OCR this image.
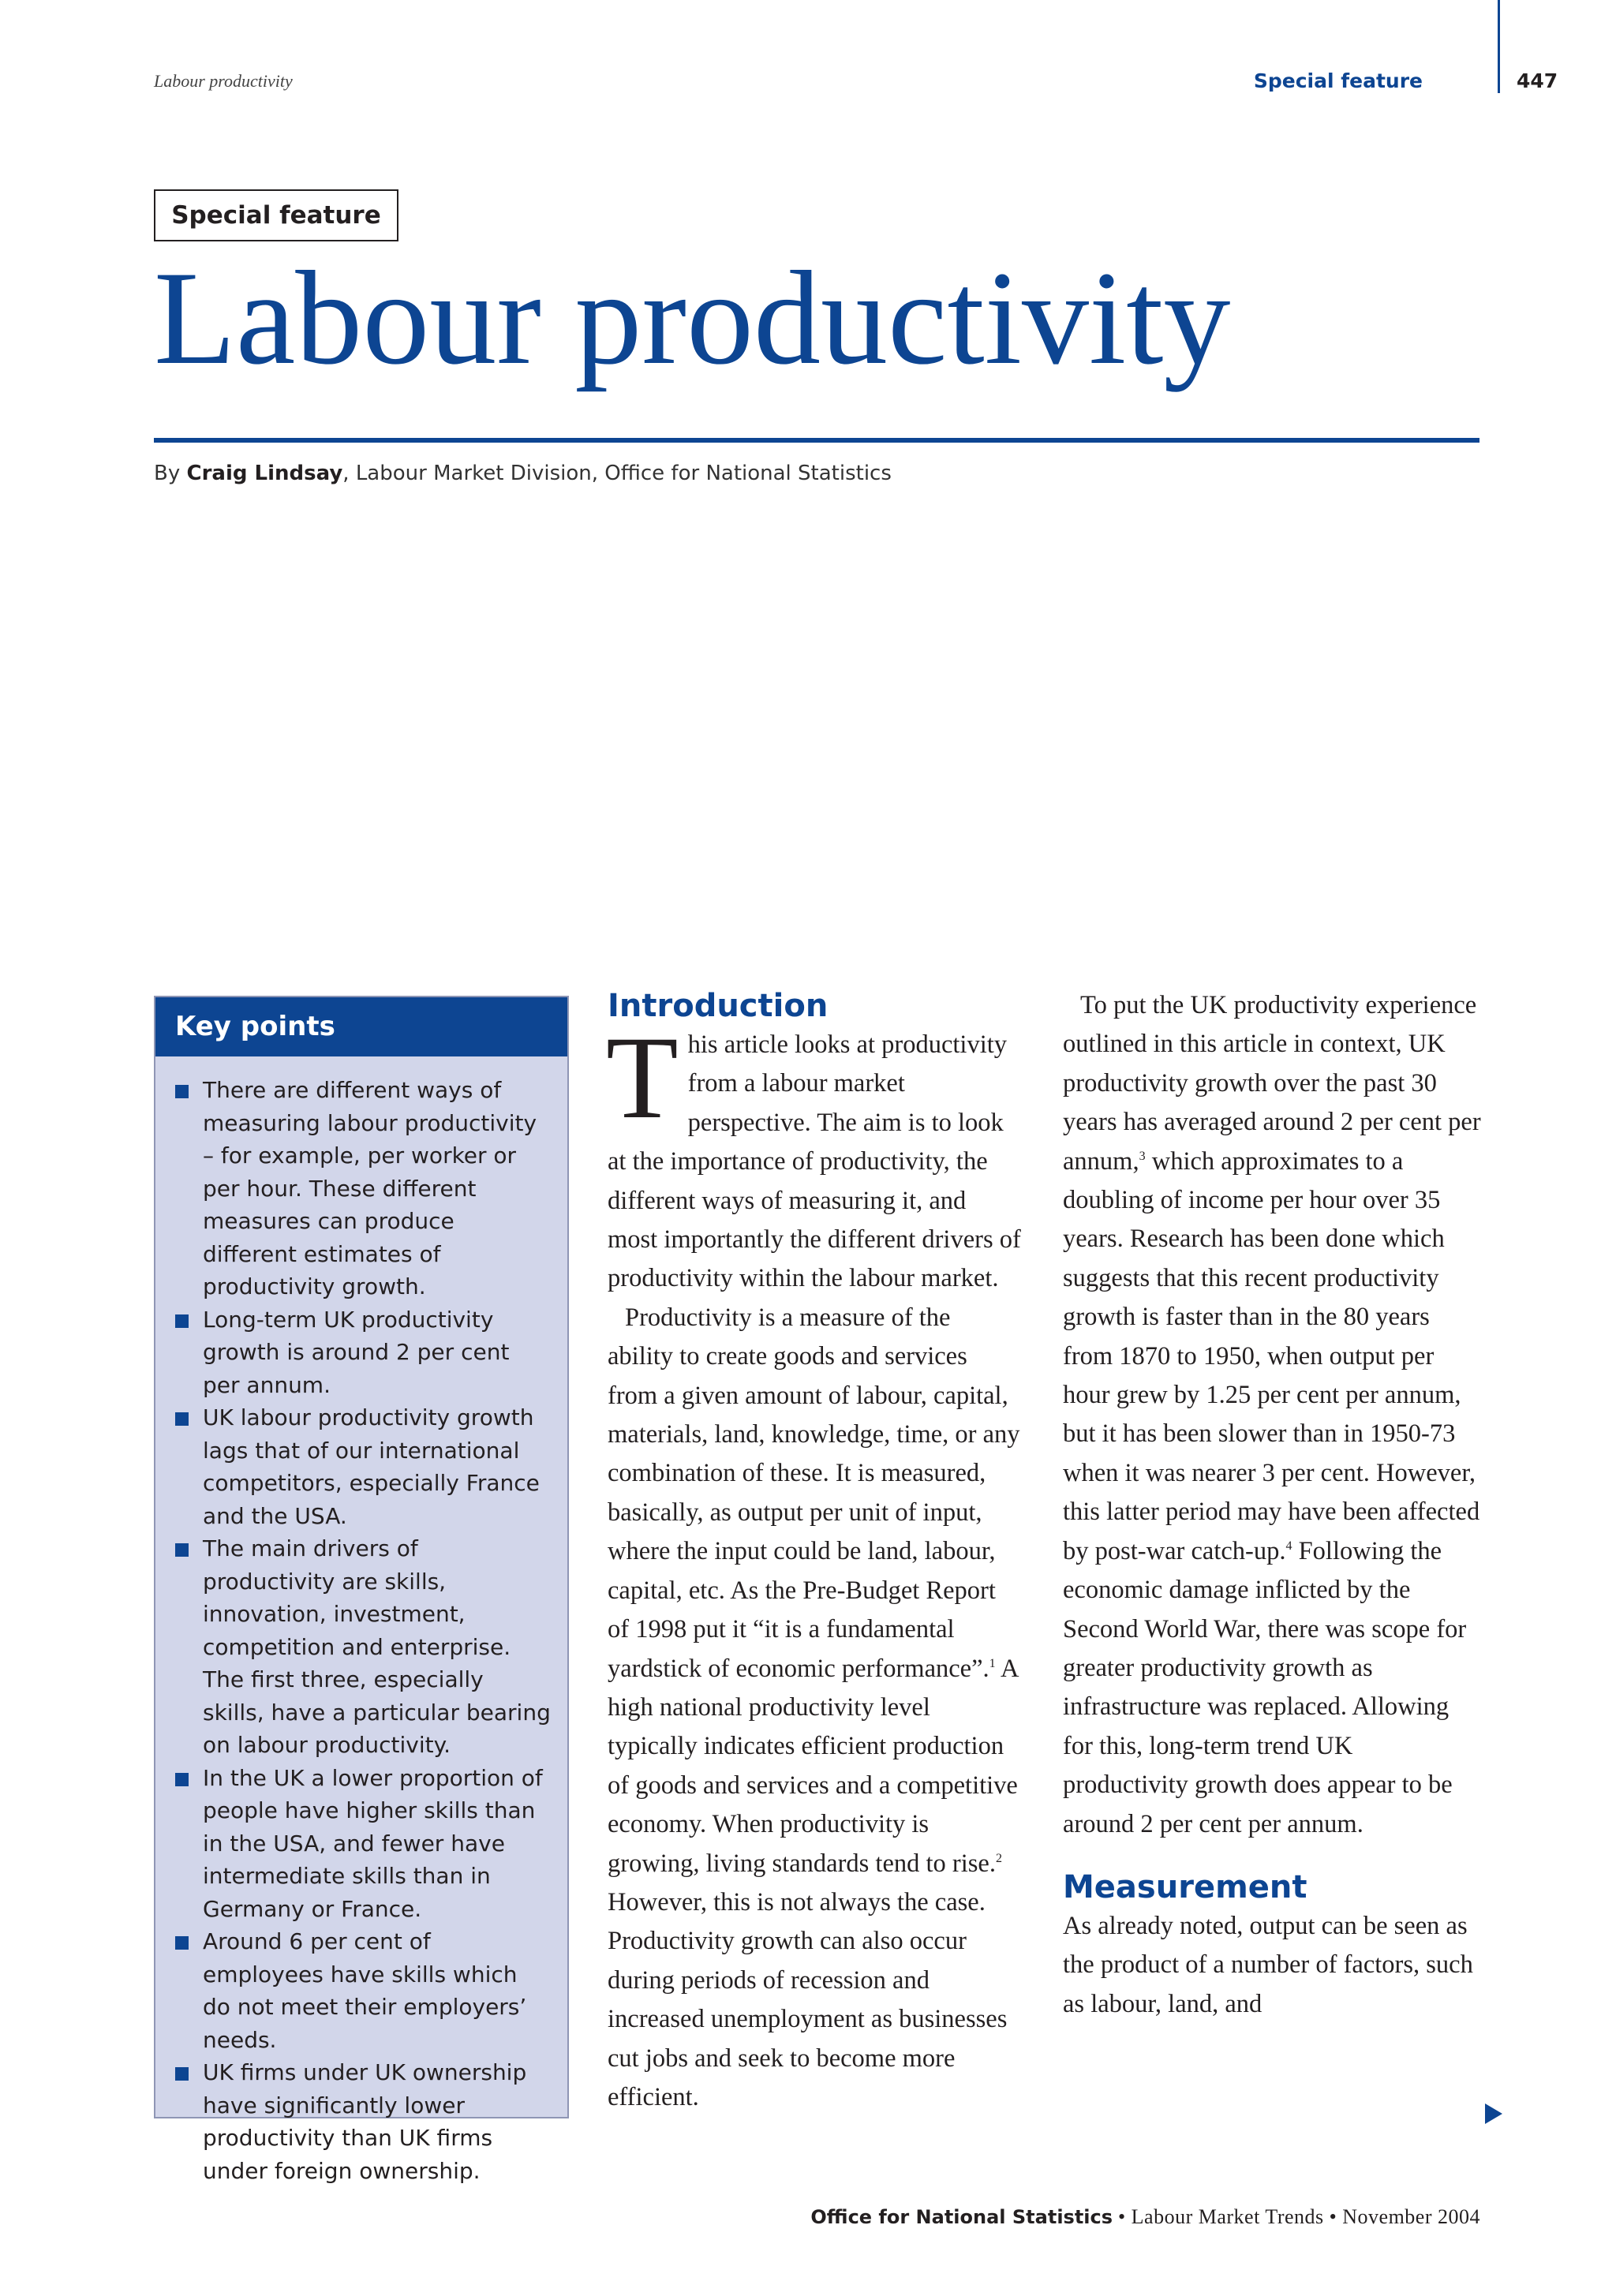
Labour productivity	Special feature	447
Special feature
Labour productivity
By Craig Lindsay, Labour Market Division, Office for National Statistics
Key points
There are different ways of measuring labour productivity – for example, per worker or per hour. These different measures can produce different estimates of productivity growth.
Long-term UK productivity growth is around 2 per cent per annum.
UK labour productivity growth lags that of our international competitors, especially France and the USA.
The main drivers of productivity are skills, innovation, investment, competition and enterprise. The first three, especially skills, have a particular bearing on labour productivity.
In the UK a lower proportion of people have higher skills than in the USA, and fewer have intermediate skills than in Germany or France.
Around 6 per cent of employees have skills which do not meet their employers’ needs.
UK firms under UK ownership have significantly lower productivity than UK firms under foreign ownership.
Introduction

This article looks at productivity from a labour market perspective. The aim is to look at the importance of productivity, the different ways of measuring it, and most importantly the different drivers of productivity within the labour market.

Productivity is a measure of the ability to create goods and services from a given amount of labour, capital, materials, land, knowledge, time, or any combination of these. It is measured, basically, as output per unit of input, where the input could be land, labour, capital, etc. As the Pre-Budget Report of 1998 put it “it is a fundamental yardstick of economic performance”.$^1$ A high national productivity level typically indicates efficient production of goods and services and a competitive economy. When productivity is growing, living standards tend to rise.$^2$ However, this is not always the case. Productivity growth can also occur during periods of recession and increased unemployment as businesses cut jobs and seek to become more efficient.

To put the UK productivity experience outlined in this article in context, UK productivity growth over the past 30 years has averaged around 2 per cent per annum,$^3$ which approximates to a doubling of income per hour over 35 years. Research has been done which suggests that this recent productivity growth is faster than in the 80 years from 1870 to 1950, when output per hour grew by 1.25 per cent per annum, but it has been slower than in 1950-73 when it was nearer 3 per cent. However, this latter period may have been affected by post-war catch-up.$^4$ Following the economic damage inflicted by the Second World War, there was scope for greater productivity growth as infrastructure was replaced. Allowing for this, long-term trend UK productivity growth does appear to be around 2 per cent per annum.

Measurement

As already noted, output can be seen as the product of a number of factors, such as labour, land, and

Office for National Statistics • Labour Market Trends • November 2004
